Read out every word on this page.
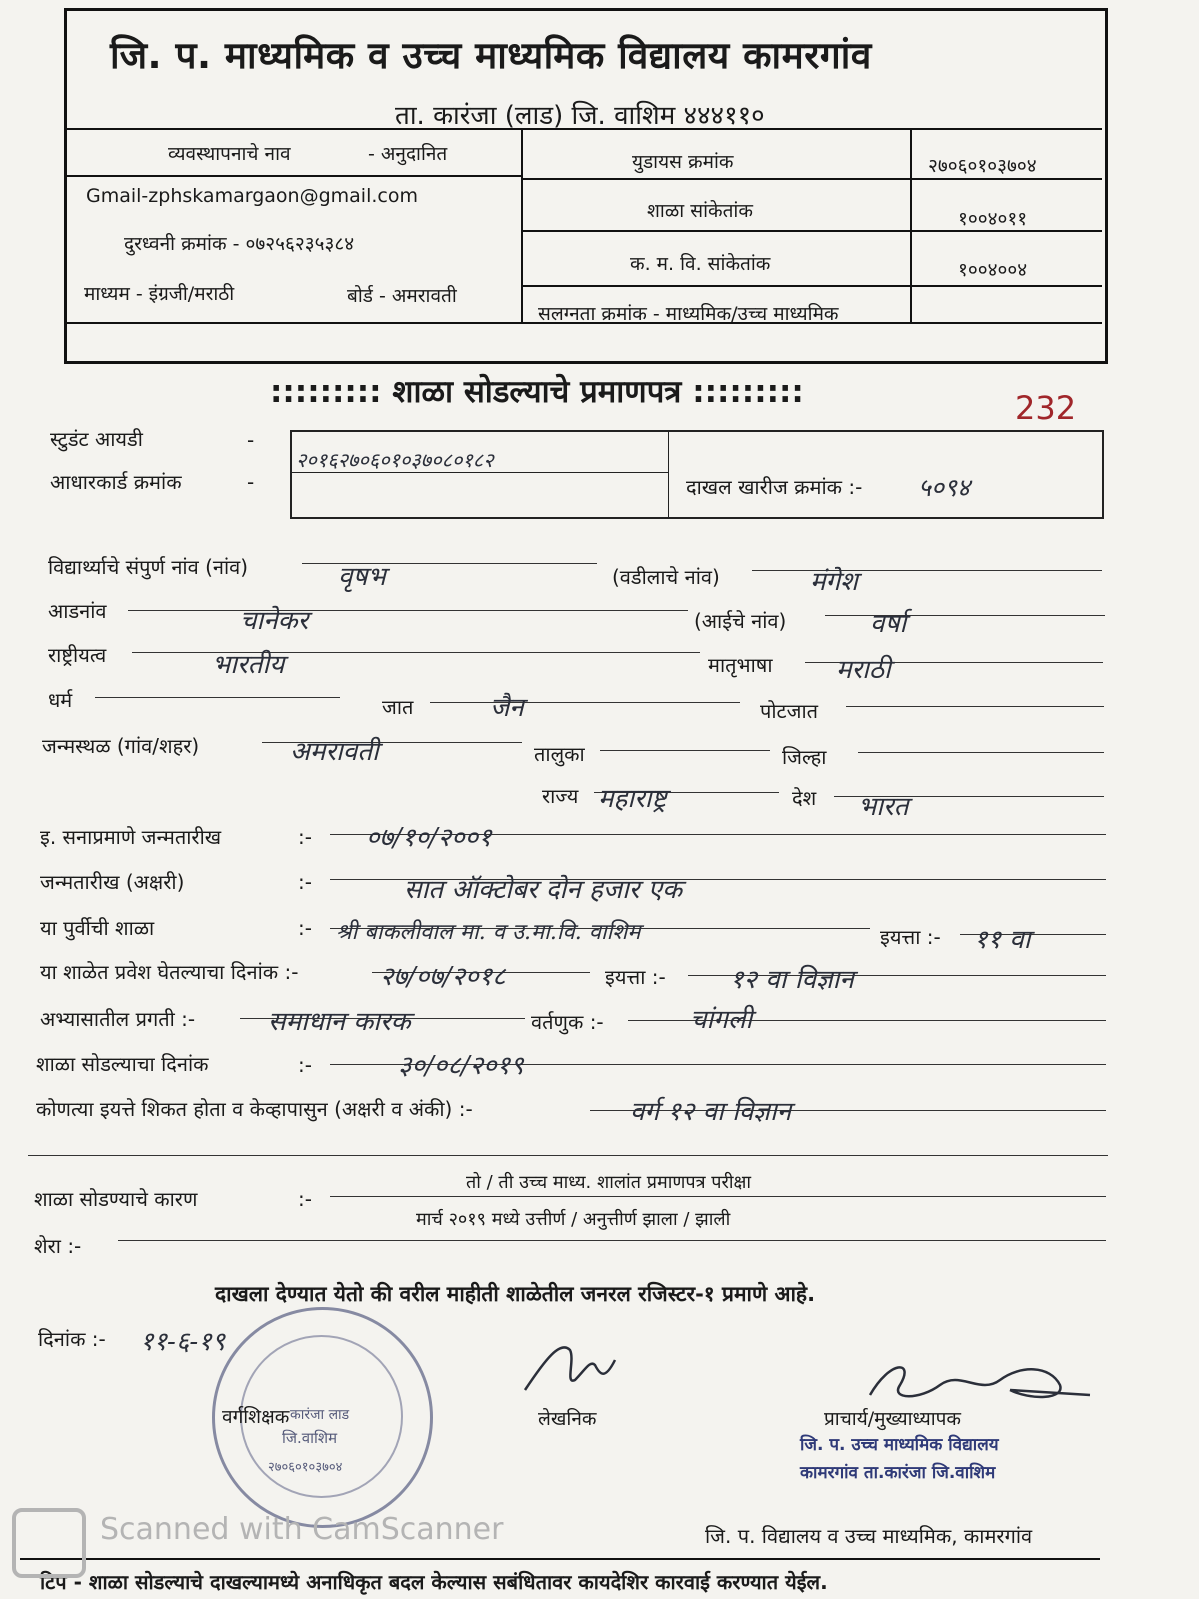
जि. प. माध्यमिक व उच्च माध्यमिक विद्यालय कामरगांव
ता. कारंजा (लाड) जि. वाशिम ४४४११०
व्यवस्थापनाचे नाव	- अनुदानित
Gmail-zphskamargaon@gmail.com
दुरध्वनी क्रमांक - ०७२५६२३५३८४
माध्यम - इंग्रजी/मराठी	बोर्ड - अमरावती
युडायस क्रमांक	२७०६०१०३७०४
शाळा सांकेतांक	१००४०११
क. म. वि. सांकेतांक	१००४००४
सलग्नता क्रमांक - माध्यमिक/उच्च माध्यमिक
::::::::: शाळा सोडल्याचे प्रमाणपत्र :::::::::	232
स्टुडंट आयडी	-
आधारकार्ड क्रमांक	-
२०१६२७०६०१०३७०८०१८२
दाखल खारीज क्रमांक :- ५०९४
विद्यार्थ्याचे संपुर्ण नांव (नांव)	वृषभ	(वडीलाचे नांव)	मंगेश
आडनांव	चानेकर	(आईचे नांव)	वर्षा
राष्ट्रीयत्व	भारतीय	मातृभाषा मराठी
धर्म	जात	जैन	पोटजात
जन्मस्थळ (गांव/शहर)	अमरावती	तालुका	जिल्हा
राज्य महाराष्ट्र	देश भारत
इ. सनाप्रमाणे जन्मतारीख	:- ०७/१०/२००१
जन्मतारीख (अक्षरी)	:-	सात ऑक्टोबर दोन हजार एक
या पुर्वीची शाळा	:- श्री बाकलीवाल मा. व उ.मा.वि. वाशिम	इयत्ता :- ११ वा
या शाळेत प्रवेश घेतल्याचा दिनांक :-	२७/०७/२०१८	इयत्ता :- १२ वा विज्ञान
अभ्यासातील प्रगती :-	समाधान कारक	वर्तणुक :-	चांगली
शाळा सोडल्याचा दिनांक	:-	३०/०८/२०१९
कोणत्या इयत्ते शिकत होता व केव्हापासुन (अक्षरी व अंकी) :-	वर्ग १२ वा विज्ञान
शाळा सोडण्याचे कारण	:-
तो / ती उच्च माध्य. शालांत प्रमाणपत्र परीक्षा
मार्च २०१९ मध्ये उत्तीर्ण / अनुत्तीर्ण झाला / झाली
शेरा :-
दाखला देण्यात येतो की वरील माहीती शाळेतील जनरल रजिस्टर-१ प्रमाणे आहे.
दिनांक :- ११-६-१९
कारंजा लाड
जि.वाशिम
२७०६०१०३७०४
वर्गशिक्षक	लेखनिक	प्राचार्य/मुख्याध्यापक
जि. प. उच्च माध्यमिक विद्यालय
कामरगांव ता.कारंजा जि.वाशिम
जि. प. विद्यालय व उच्च माध्यमिक, कामरगांव
टिप - शाळा सोडल्याचे दाखल्यामध्ये अनाधिकृत बदल केल्यास सबंधितावर कायदेशिर कारवाई करण्यात येईल.
Scanned with CamScanner
